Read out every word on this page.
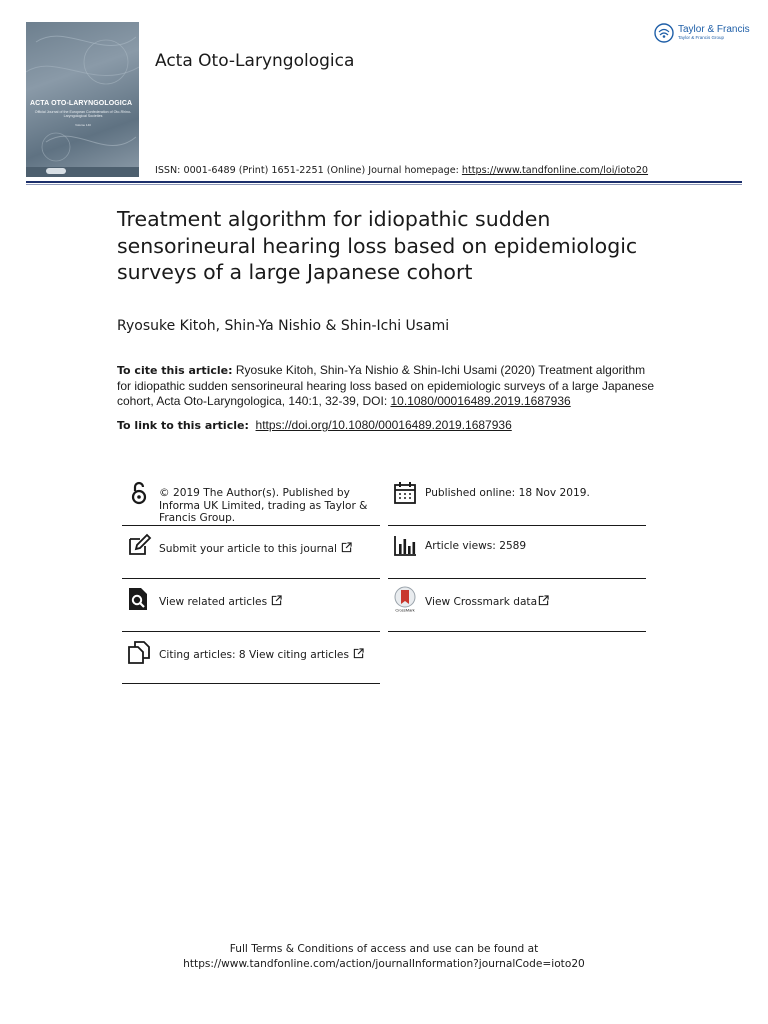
ACTA OTO-LARYNGOLOGICA
Official Journal of the European Confederation of Oto-Rhino-Laryngological Societies
Volume 140
Acta Oto-Laryngologica
Taylor & Francis
Taylor & Francis Group
ISSN: 0001-6489 (Print) 1651-2251 (Online) Journal homepage: https://www.tandfonline.com/loi/ioto20
Treatment algorithm for idiopathic sudden sensorineural hearing loss based on epidemiologic surveys of a large Japanese cohort
Ryosuke Kitoh, Shin-Ya Nishio & Shin-Ichi Usami
To cite this article: Ryosuke Kitoh, Shin-Ya Nishio & Shin-Ichi Usami (2020) Treatment algorithm for idiopathic sudden sensorineural hearing loss based on epidemiologic surveys of a large Japanese cohort, Acta Oto-Laryngologica, 140:1, 32-39, DOI: 10.1080/00016489.2019.1687936
To link to this article: https://doi.org/10.1080/00016489.2019.1687936
© 2019 The Author(s). Published by Informa UK Limited, trading as Taylor & Francis Group.
Submit your article to this journal
View related articles
Citing articles: 8 View citing articles
Published online: 18 Nov 2019.
Article views: 2589
CrossMark
View Crossmark data
Full Terms & Conditions of access and use can be found at
https://www.tandfonline.com/action/journalInformation?journalCode=ioto20
